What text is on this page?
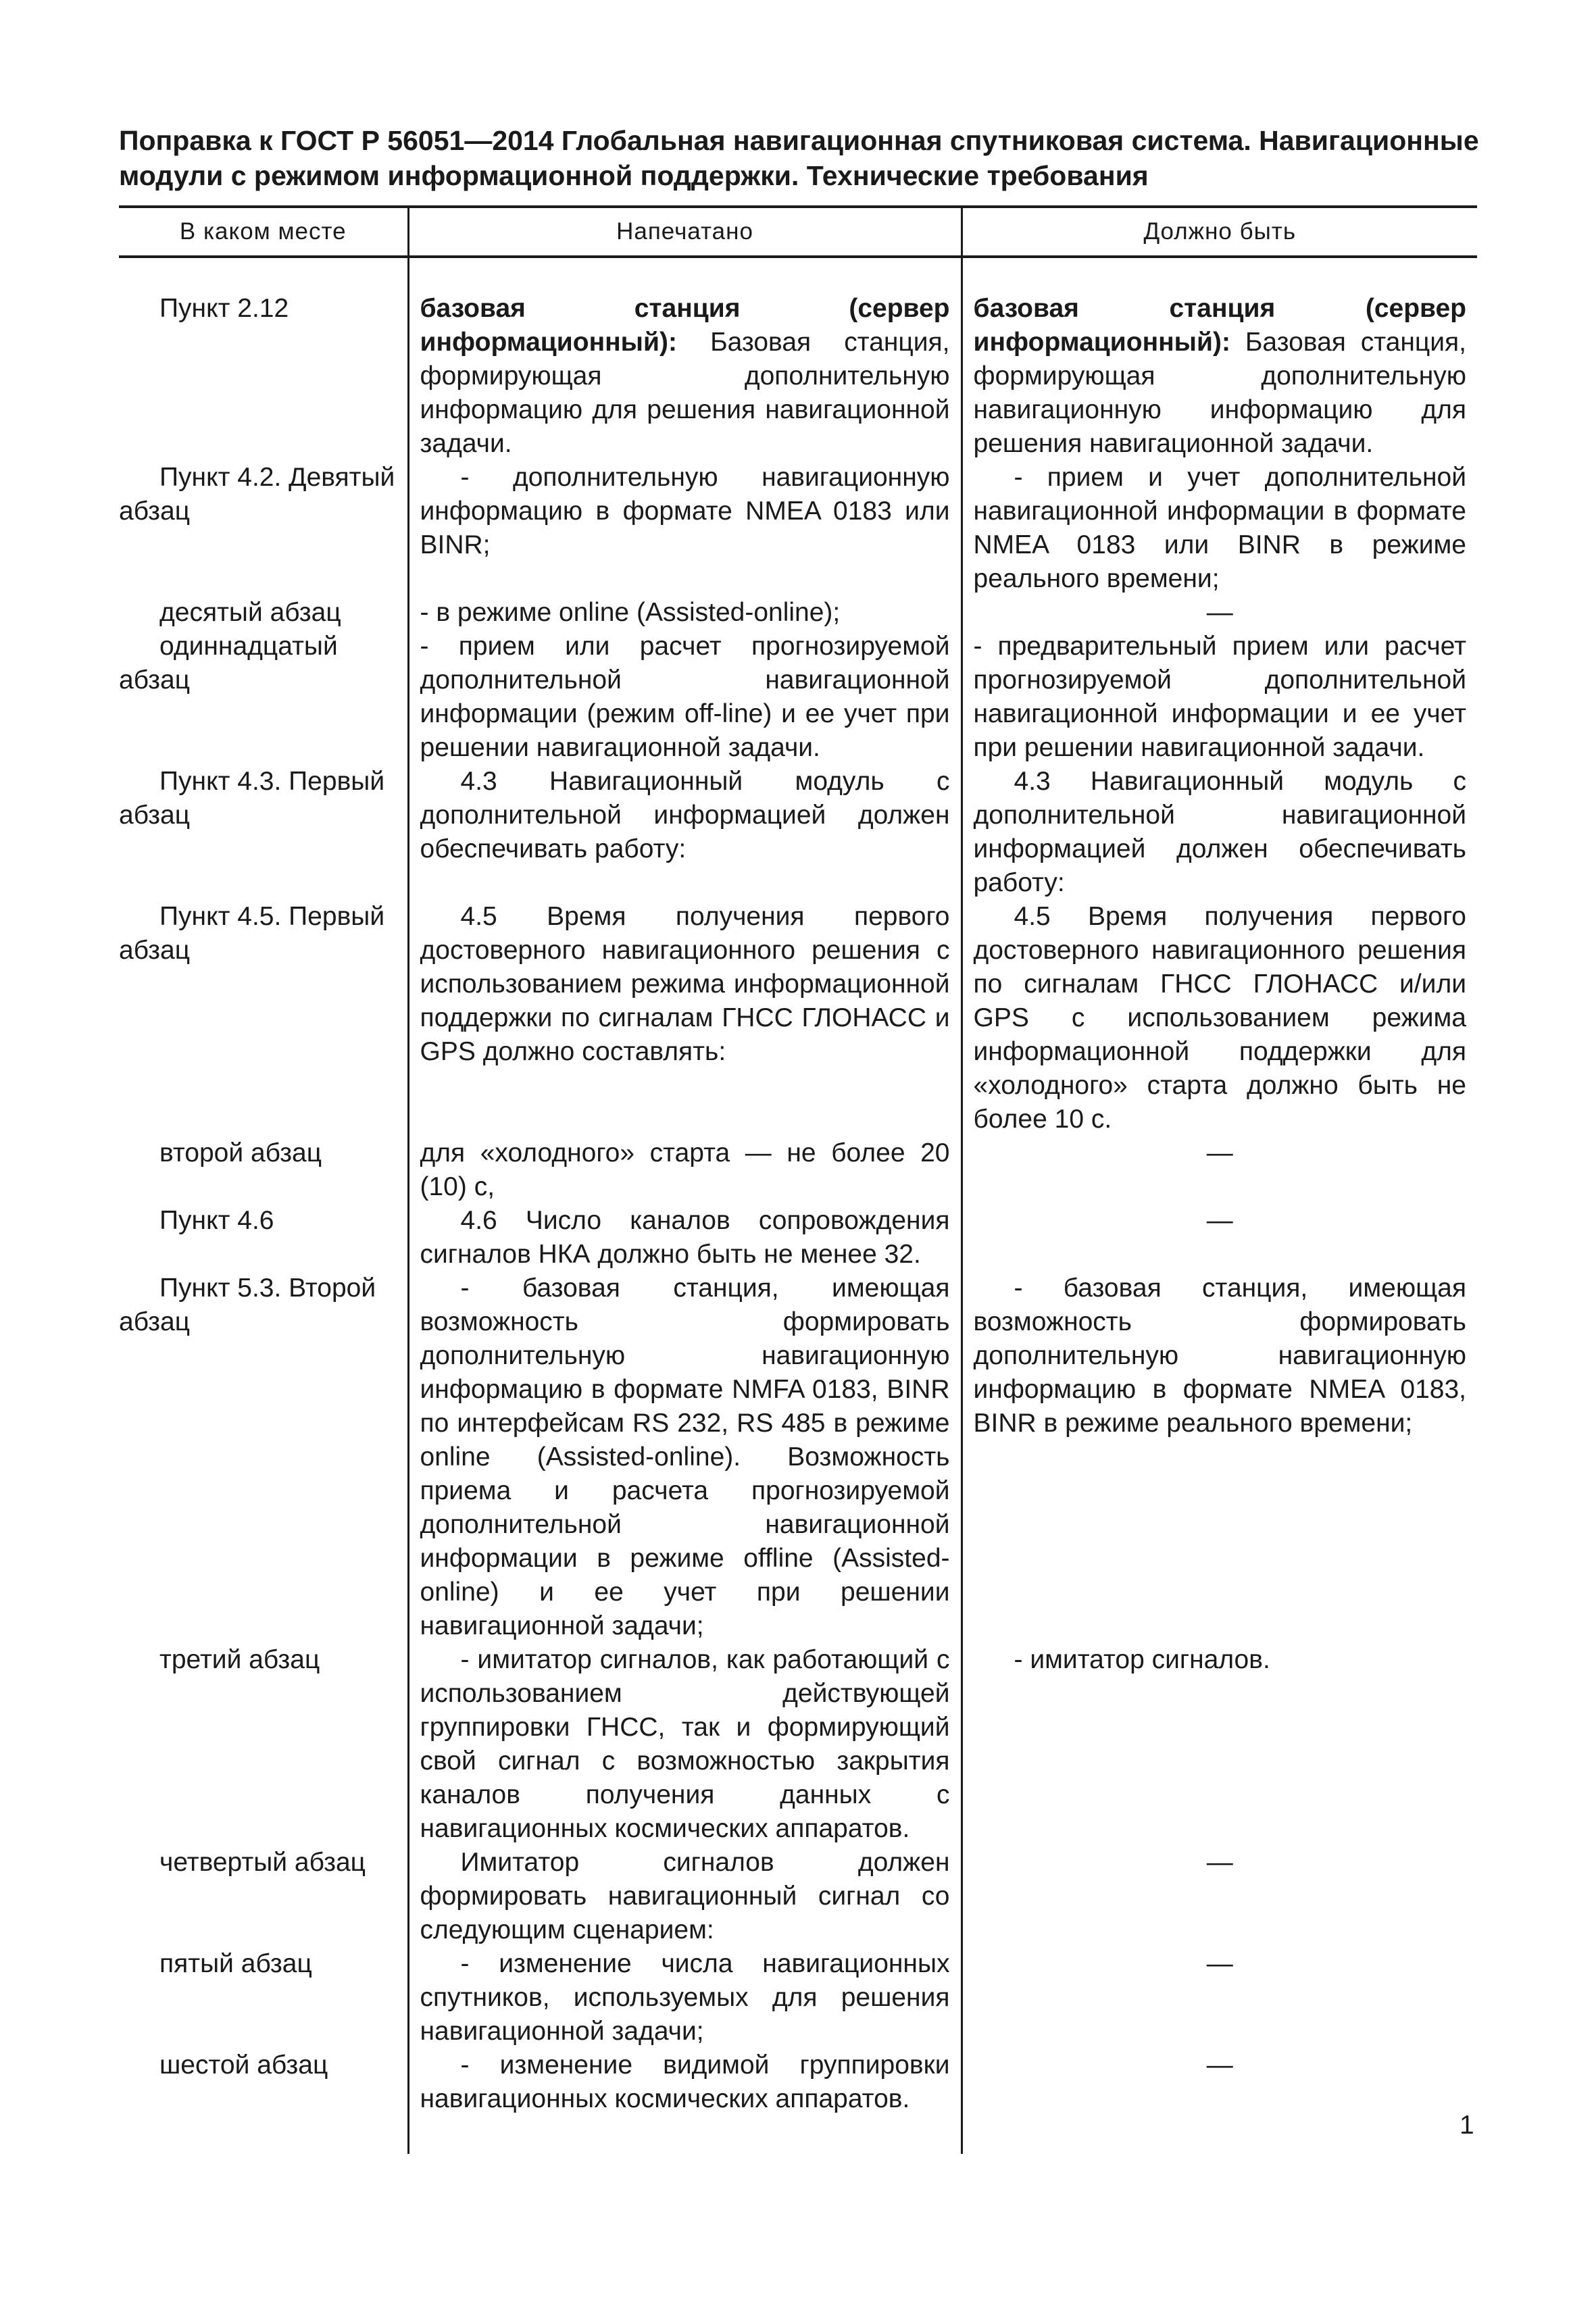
Поправка к ГОСТ Р 56051—2014 Глобальная навигационная спутниковая система. Навигационные модули с режимом информационной поддержки. Технические требования
В каком месте	Напечатано	Должно быть
Пункт 2.12	базовая станция (сервер информационный): Базовая станция, формирующая дополнительную информацию для решения навигационной задачи.	базовая станция (сервер информационный): Базовая станция, формирующая дополнительную навигационную информацию для решения навигационной задачи.
Пункт 4.2. Девятый абзац	- дополнительную навигационную информацию в формате NMEA 0183 или BINR;	- прием и учет дополнительной навигационной информации в формате NMEA 0183 или BINR в режиме реального времени;
десятый абзац	- в режиме online (Assisted-online);	—
одиннадцатый абзац	- прием или расчет прогнозируемой дополнительной навигационной информации (режим off-line) и ее учет при решении навигационной задачи.	- предварительный прием или расчет прогнозируемой дополнительной навигационной информации и ее учет при решении навигационной задачи.
Пункт 4.3. Первый абзац	4.3 Навигационный модуль с дополнительной информацией должен обеспечивать работу:	4.3 Навигационный модуль с дополнительной навигационной информацией должен обеспечивать работу:
Пункт 4.5. Первый абзац	4.5 Время получения первого достоверного навигационного решения с использованием режима информационной поддержки по сигналам ГНСС ГЛОНАСС и GPS должно составлять:	4.5 Время получения первого достоверного навигационного решения по сигналам ГНСС ГЛОНАСС и/или GPS с использованием режима информационной поддержки для «холодного» старта должно быть не более 10 с.
второй абзац	для «холодного» старта — не более 20 (10) с,	—
Пункт 4.6	4.6 Число каналов сопровождения сигналов НКА должно быть не менее 32.	—
Пункт 5.3. Второй абзац	- базовая станция, имеющая возможность формировать дополнительную навигационную информацию в формате NMFA 0183, BINR по интерфейсам RS 232, RS 485 в режиме online (Assisted-online). Возможность приема и расчета прогнозируемой дополнительной навигационной информации в режиме offline (Assisted-online) и ее учет при решении навигационной задачи;	- базовая станция, имеющая возможность формировать дополнительную навигационную информацию в формате NMEA 0183, BINR в режиме реального времени;
третий абзац	- имитатор сигналов, как работающий с использованием действующей группировки ГНСС, так и формирующий свой сигнал с возможностью закрытия каналов получения данных с навигационных космических аппаратов.	- имитатор сигналов.
четвертый абзац	Имитатор сигналов должен формировать навигационный сигнал со следующим сценарием:	—
пятый абзац	- изменение числа навигационных спутников, используемых для решения навигационной задачи;	—
шестой абзац	- изменение видимой группировки навигационных космических аппаратов.	—

1
